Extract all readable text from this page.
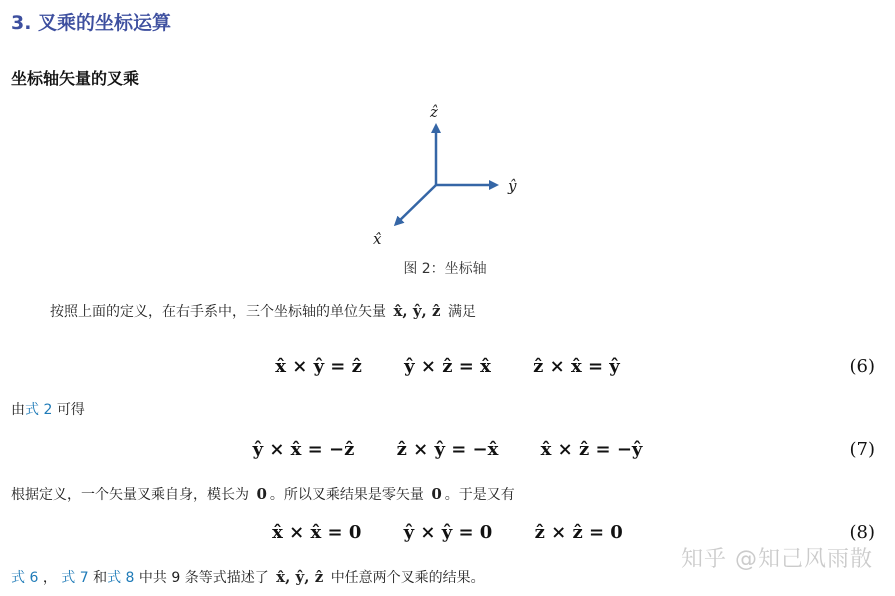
3. 叉乘的坐标运算
坐标轴矢量的叉乘
ẑ
ŷ
x̂
图 2：坐标轴
按照上面的定义，在右手系中，三个坐标轴的单位矢量 x̂, ŷ, ẑ 满足
x̂ × ŷ = ẑ ŷ × ẑ = x̂ ẑ × x̂ = ŷ	(6)
由式 2 可得
ŷ × x̂ = −ẑ ẑ × ŷ = −x̂ x̂ × ẑ = −ŷ	(7)
根据定义，一个矢量叉乘自身，模长为 0 。所以叉乘结果是零矢量 0 。于是又有
x̂ × x̂ = 0 ŷ × ŷ = 0 ẑ × ẑ = 0	(8)
式 6 ， 式 7 和式 8 中共 9 条等式描述了 x̂, ŷ, ẑ 中任意两个叉乘的结果。
知乎 @知己风雨散
